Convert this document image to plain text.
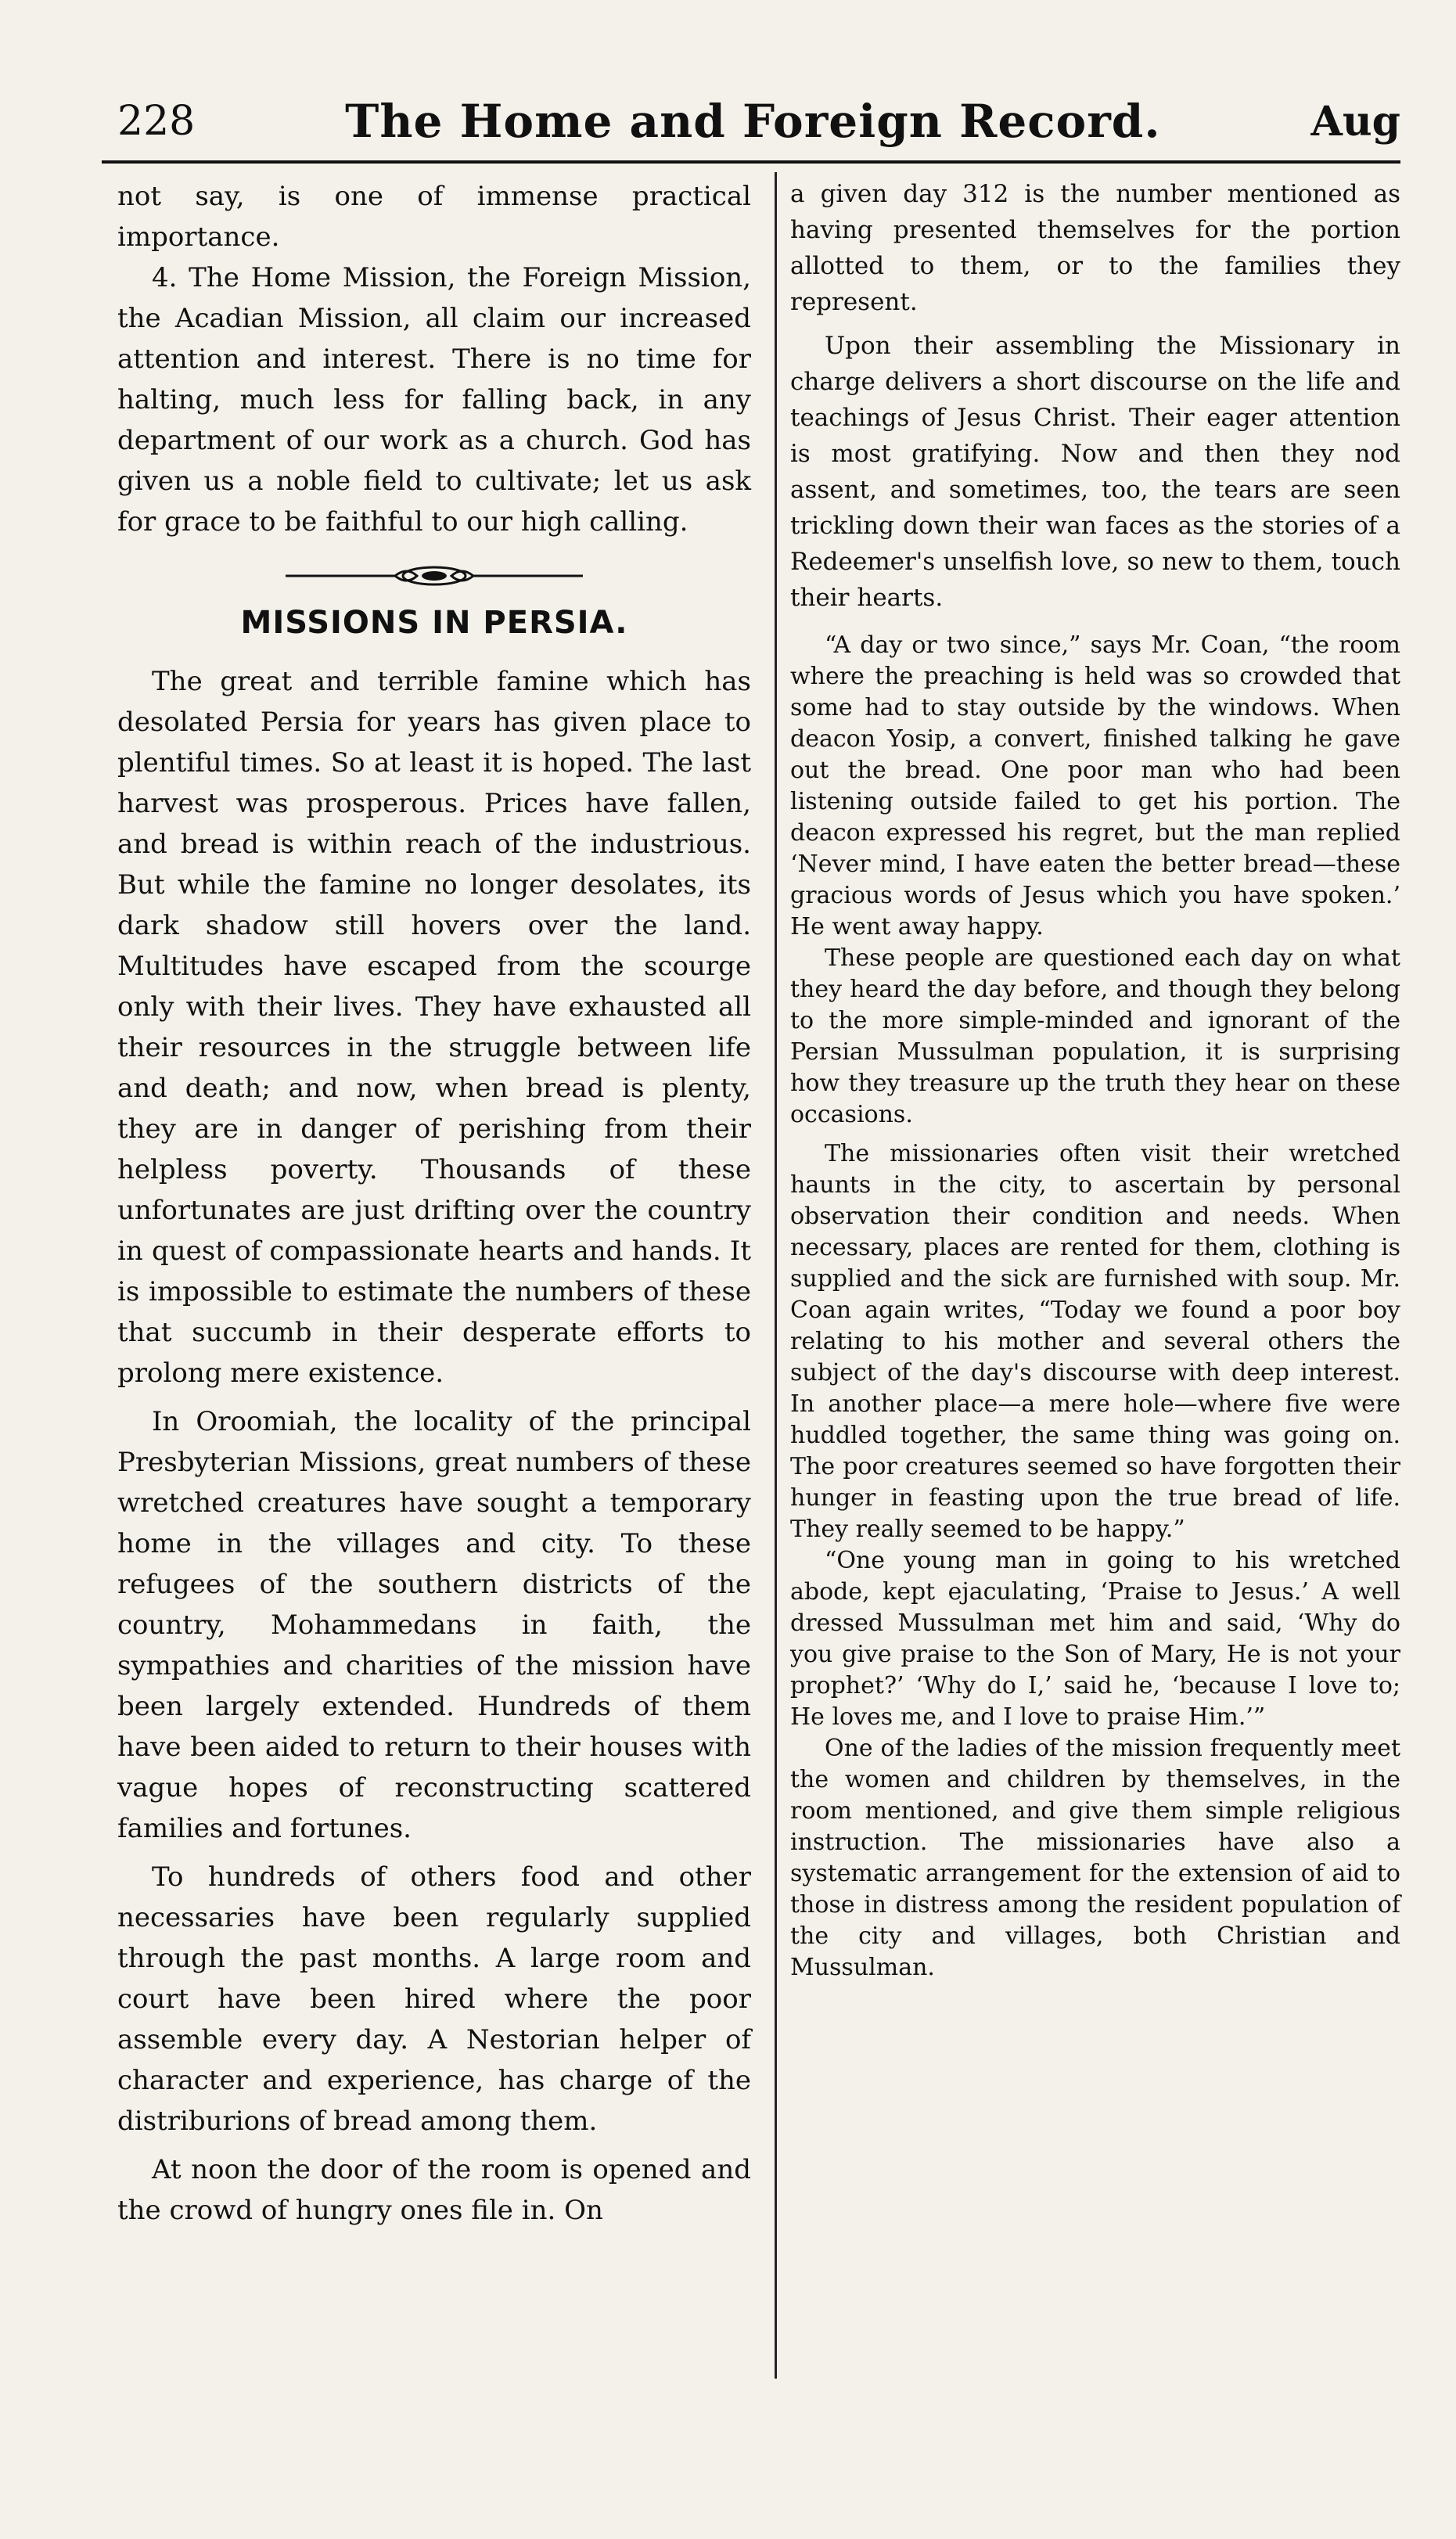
228	The Home and Foreign Record.	Aug

not say, is one of immense practical importance.

4. The Home Mission, the Foreign Mission, the Acadian Mission, all claim our increased attention and interest. There is no time for halting, much less for falling back, in any department of our work as a church. God has given us a noble field to cultivate; let us ask for grace to be faithful to our high calling.

MISSIONS IN PERSIA.

The great and terrible famine which has desolated Persia for years has given place to plentiful times. So at least it is hoped. The last harvest was prosperous. Prices have fallen, and bread is within reach of the industrious. But while the famine no longer desolates, its dark shadow still hovers over the land. Multitudes have escaped from the scourge only with their lives. They have exhausted all their resources in the struggle between life and death; and now, when bread is plenty, they are in danger of perishing from their helpless poverty. Thousands of these unfortunates are just drifting over the country in quest of compassionate hearts and hands. It is impossible to estimate the numbers of these that succumb in their desperate efforts to prolong mere existence.

In Oroomiah, the locality of the principal Presbyterian Missions, great numbers of these wretched creatures have sought a temporary home in the villages and city. To these refugees of the southern districts of the country, Mohammedans in faith, the sympathies and charities of the mission have been largely extended. Hundreds of them have been aided to return to their houses with vague hopes of reconstructing scattered families and fortunes.

To hundreds of others food and other necessaries have been regularly supplied through the past months. A large room and court have been hired where the poor assemble every day. A Nestorian helper of character and experience, has charge of the distriburions of bread among them.

At noon the door of the room is opened and the crowd of hungry ones file in. On

a given day 312 is the number mentioned as having presented themselves for the portion allotted to them, or to the families they represent.

Upon their assembling the Missionary in charge delivers a short discourse on the life and teachings of Jesus Christ. Their eager attention is most gratifying. Now and then they nod assent, and sometimes, too, the tears are seen trickling down their wan faces as the stories of a Redeemer's unselfish love, so new to them, touch their hearts.

“A day or two since,” says Mr. Coan, “the room where the preaching is held was so crowded that some had to stay outside by the windows. When deacon Yosip, a convert, finished talking he gave out the bread. One poor man who had been listening outside failed to get his portion. The deacon expressed his regret, but the man replied ‘Never mind, I have eaten the better bread—these gracious words of Jesus which you have spoken.’ He went away happy.

These people are questioned each day on what they heard the day before, and though they belong to the more simple-minded and ignorant of the Persian Mussulman population, it is surprising how they treasure up the truth they hear on these occasions.

The missionaries often visit their wretched haunts in the city, to ascertain by personal observation their condition and needs. When necessary, places are rented for them, clothing is supplied and the sick are furnished with soup. Mr. Coan again writes, “Today we found a poor boy relating to his mother and several others the subject of the day's discourse with deep interest. In another place—a mere hole—where five were huddled together, the same thing was going on. The poor creatures seemed so have forgotten their hunger in feasting upon the true bread of life. They really seemed to be happy.”

“One young man in going to his wretched abode, kept ejaculating, ‘Praise to Jesus.’ A well dressed Mussulman met him and said, ‘Why do you give praise to the Son of Mary, He is not your prophet?’ ‘Why do I,’ said he, ‘because I love to; He loves me, and I love to praise Him.’”

One of the ladies of the mission frequently meet the women and children by themselves, in the room mentioned, and give them simple religious instruction. The missionaries have also a systematic arrangement for the extension of aid to those in distress among the resident population of the city and villages, both Christian and Mussulman.
